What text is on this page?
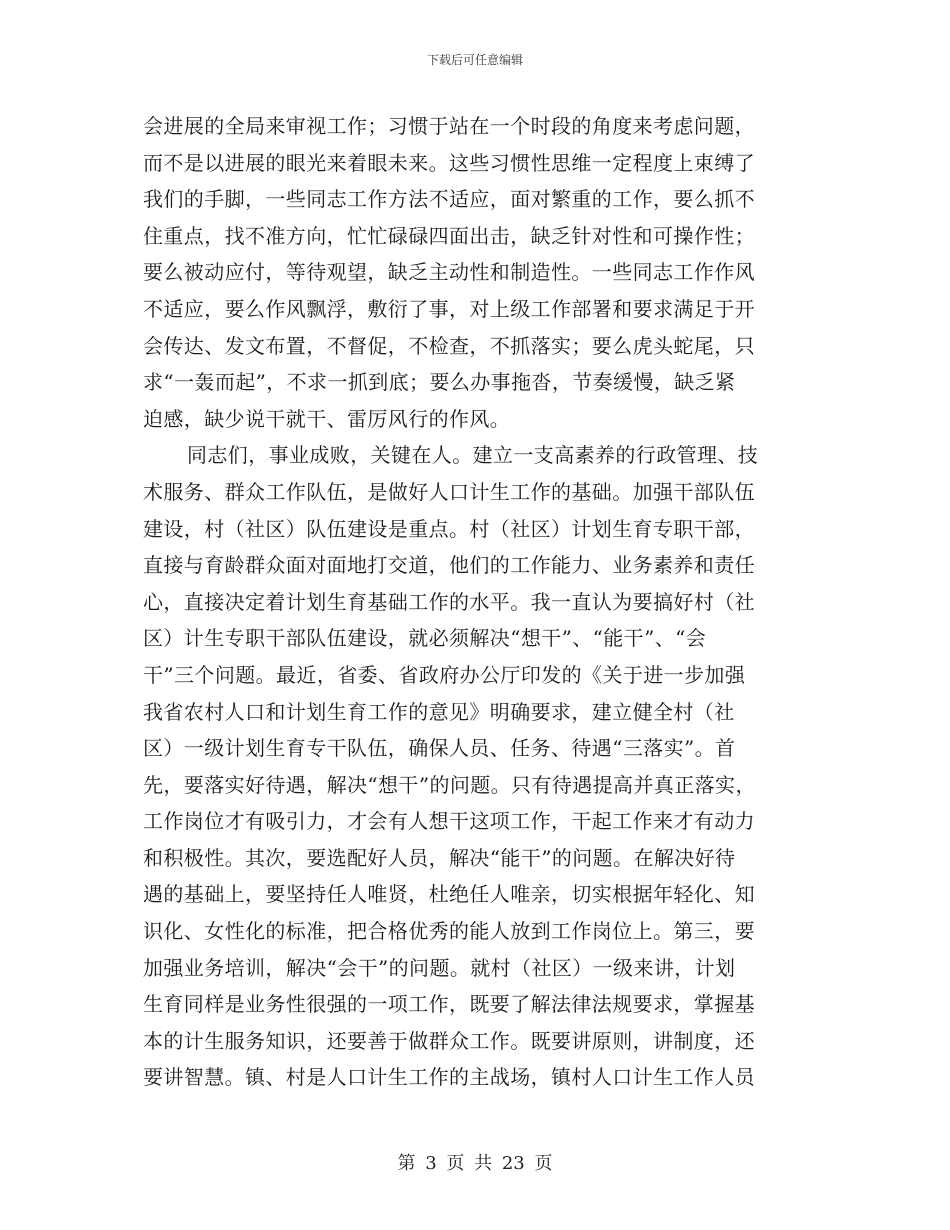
下载后可任意编辑
会进展的全局来审视工作；习惯于站在一个时段的角度来考虑问题，
而不是以进展的眼光来着眼未来。这些习惯性思维一定程度上束缚了
我们的手脚，一些同志工作方法不适应，面对繁重的工作，要么抓不
住重点，找不准方向，忙忙碌碌四面出击，缺乏针对性和可操作性；
要么被动应付，等待观望，缺乏主动性和制造性。一些同志工作作风
不适应，要么作风飘浮，敷衍了事，对上级工作部署和要求满足于开
会传达、发文布置，不督促，不检查，不抓落实；要么虎头蛇尾，只
求“一轰而起”，不求一抓到底；要么办事拖沓，节奏缓慢，缺乏紧
迫感，缺少说干就干、雷厉风行的作风。
同志们，事业成败，关键在人。建立一支高素养的行政管理、技
术服务、群众工作队伍，是做好人口计生工作的基础。加强干部队伍
建设，村（社区）队伍建设是重点。村（社区）计划生育专职干部，
直接与育龄群众面对面地打交道，他们的工作能力、业务素养和责任
心，直接决定着计划生育基础工作的水平。我一直认为要搞好村（社
区）计生专职干部队伍建设，就必须解决“想干”、“能干”、“会
干”三个问题。最近，省委、省政府办公厅印发的《关于进一步加强
我省农村人口和计划生育工作的意见》明确要求，建立健全村（社
区）一级计划生育专干队伍，确保人员、任务、待遇“三落实”。首
先，要落实好待遇，解决“想干”的问题。只有待遇提高并真正落实，
工作岗位才有吸引力，才会有人想干这项工作，干起工作来才有动力
和积极性。其次，要选配好人员，解决“能干”的问题。在解决好待
遇的基础上，要坚持任人唯贤，杜绝任人唯亲，切实根据年轻化、知
识化、女性化的标准，把合格优秀的能人放到工作岗位上。第三，要
加强业务培训，解决“会干”的问题。就村（社区）一级来讲，计划
生育同样是业务性很强的一项工作，既要了解法律法规要求，掌握基
本的计生服务知识，还要善于做群众工作。既要讲原则，讲制度，还
要讲智慧。镇、村是人口计生工作的主战场，镇村人口计生工作人员
第 3 页 共 23 页
